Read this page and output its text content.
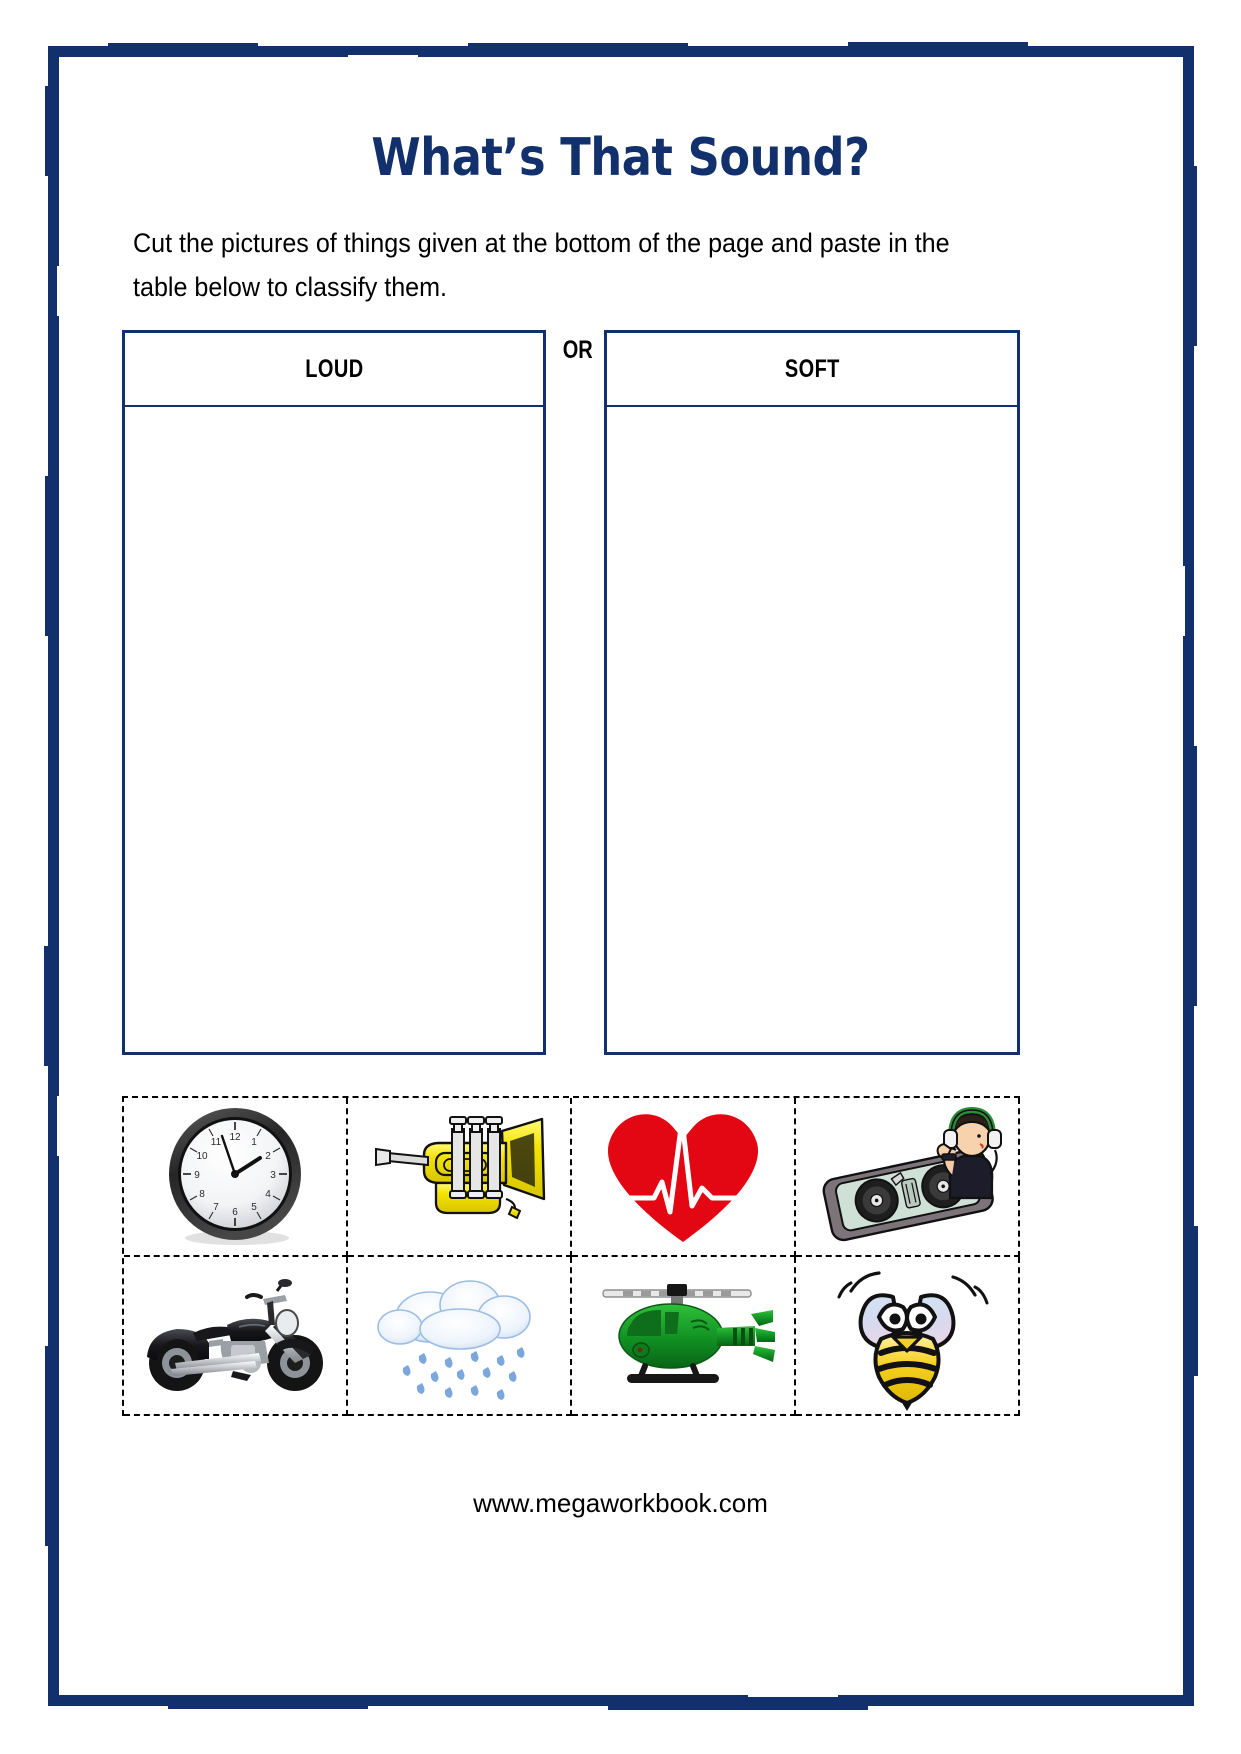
What’s That Sound?
Cut the pictures of things given at the bottom of the page and paste in the table below to classify them.
LOUD
OR
SOFT
12 1
2
3
4
5
6
7
8
9
10
11
www.megaworkbook.com
